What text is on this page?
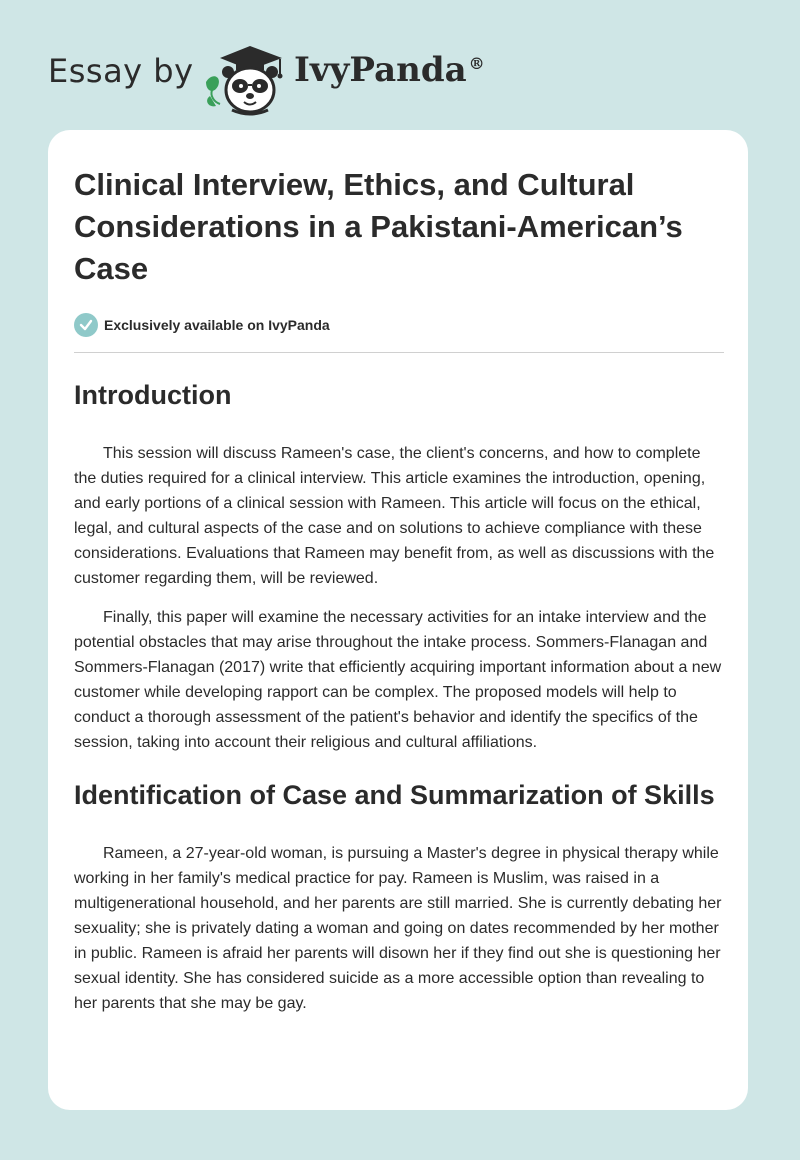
Essay by	IvyPanda ®
Clinical Interview, Ethics, and Cultural Considerations in a Pakistani-American’s Case
Exclusively available on IvyPanda
Introduction

This session will discuss Rameen's case, the client's concerns, and how to complete the duties required for a clinical interview. This article examines the introduction, opening, and early portions of a clinical session with Rameen. This article will focus on the ethical, legal, and cultural aspects of the case and on solutions to achieve compliance with these considerations. Evaluations that Rameen may benefit from, as well as discussions with the customer regarding them, will be reviewed.

Finally, this paper will examine the necessary activities for an intake interview and the potential obstacles that may arise throughout the intake process. Sommers-Flanagan and Sommers-Flanagan (2017) write that efficiently acquiring important information about a new customer while developing rapport can be complex. The proposed models will help to conduct a thorough assessment of the patient's behavior and identify the specifics of the session, taking into account their religious and cultural affiliations.

Identification of Case and Summarization of Skills

Rameen, a 27-year-old woman, is pursuing a Master's degree in physical therapy while working in her family's medical practice for pay. Rameen is Muslim, was raised in a multigenerational household, and her parents are still married. She is currently debating her sexuality; she is privately dating a woman and going on dates recommended by her mother in public. Rameen is afraid her parents will disown her if they find out she is questioning her sexual identity. She has considered suicide as a more accessible option than revealing to her parents that she may be gay.
